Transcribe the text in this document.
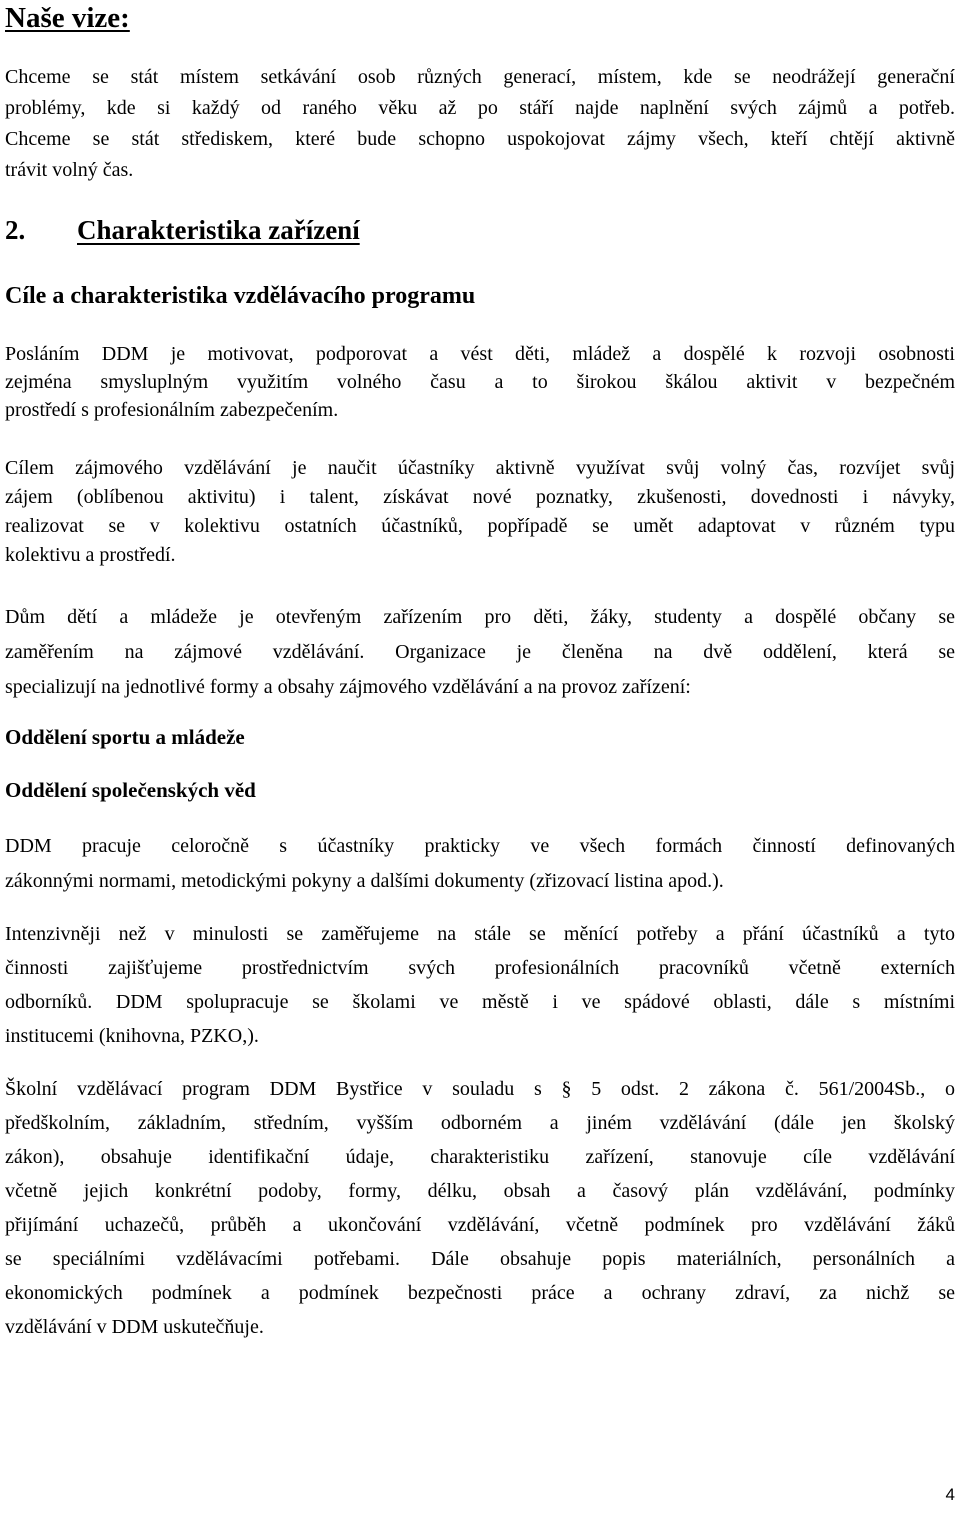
Naše vize:
Chceme se stát místem setkávání osob různých generací, místem, kde se neodrážejí generační
problémy, kde si každý od raného věku až po stáří najde naplnění svých zájmů a potřeb.
Chceme se stát střediskem, které bude schopno uspokojovat zájmy všech, kteří chtějí aktivně
trávit volný čas.
2. Charakteristika zařízení
Cíle a charakteristika vzdělávacího programu
Posláním DDM je motivovat, podporovat a vést děti, mládež a dospělé k rozvoji osobnosti
zejména smysluplným využitím volného času a to širokou škálou aktivit v bezpečném
prostředí s profesionálním zabezpečením.
Cílem zájmového vzdělávání je naučit účastníky aktivně využívat svůj volný čas, rozvíjet svůj
zájem (oblíbenou aktivitu) i talent, získávat nové poznatky, zkušenosti, dovednosti i návyky,
realizovat se v kolektivu ostatních účastníků, popřípadě se umět adaptovat v různém typu
kolektivu a prostředí.
Dům dětí a mládeže je otevřeným zařízením pro děti, žáky, studenty a dospělé občany se
zaměřením na zájmové vzdělávání. Organizace je členěna na dvě oddělení, která se
specializují na jednotlivé formy a obsahy zájmového vzdělávání a na provoz zařízení:
Oddělení sportu a mládeže
Oddělení společenských věd
DDM pracuje celoročně s účastníky prakticky ve všech formách činností definovaných
zákonnými normami, metodickými pokyny a dalšími dokumenty (zřizovací listina apod.).
Intenzivněji než v minulosti se zaměřujeme na stále se měnící potřeby a přání účastníků a tyto
činnosti zajišťujeme prostřednictvím svých profesionálních pracovníků včetně externích
odborníků. DDM spolupracuje se školami ve městě i ve spádové oblasti, dále s místními
institucemi (knihovna, PZKO,).
Školní vzdělávací program DDM Bystřice v souladu s § 5 odst. 2 zákona č. 561/2004Sb., o
předškolním, základním, středním, vyšším odborném a jiném vzdělávání (dále jen školský
zákon), obsahuje identifikační údaje, charakteristiku zařízení, stanovuje cíle vzdělávání
včetně jejich konkrétní podoby, formy, délku, obsah a časový plán vzdělávání, podmínky
přijímání uchazečů, průběh a ukončování vzdělávání, včetně podmínek pro vzdělávání žáků
se speciálními vzdělávacími potřebami. Dále obsahuje popis materiálních, personálních a
ekonomických podmínek a podmínek bezpečnosti práce a ochrany zdraví, za nichž se
vzdělávání v DDM uskutečňuje.
4
